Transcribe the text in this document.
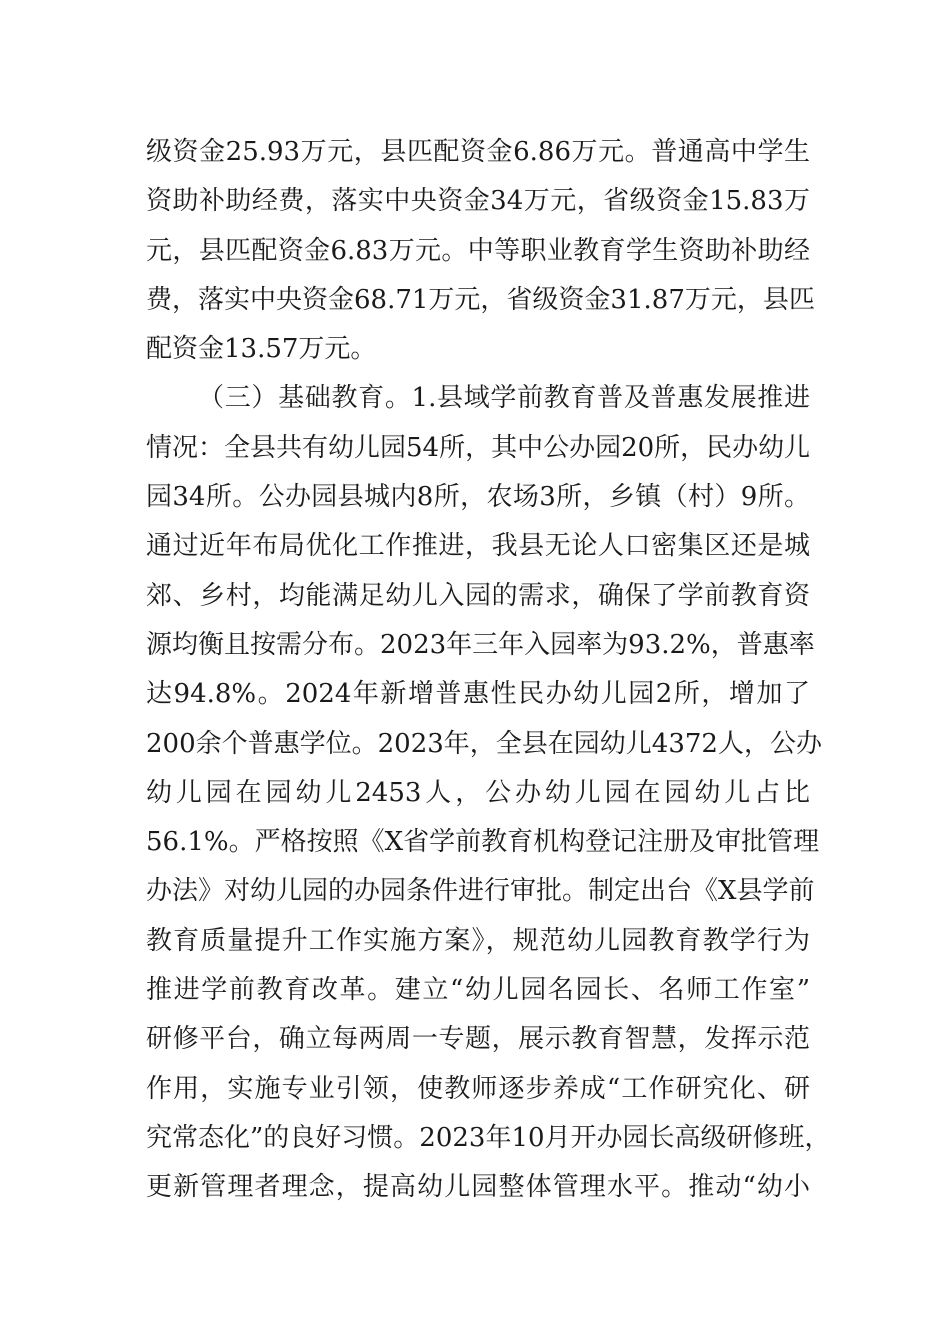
级资金25.93万元，县匹配资金6.86万元。普通高中学生
资助补助经费，落实中央资金34万元，省级资金15.83万
元，县匹配资金6.83万元。中等职业教育学生资助补助经
费，落实中央资金68.71万元，省级资金31.87万元，县匹
配资金13.57万元。
（三）基础教育。1.县域学前教育普及普惠发展推进
情况：全县共有幼儿园54所，其中公办园20所，民办幼儿
园34所。公办园县城内8所，农场3所，乡镇（村）9所。
通过近年布局优化工作推进，我县无论人口密集区还是城
郊、乡村，均能满足幼儿入园的需求，确保了学前教育资
源均衡且按需分布。2023年三年入园率为93.2%，普惠率
达94.8%。2024年新增普惠性民办幼儿园2所，增加了
200余个普惠学位。2023年，全县在园幼儿4372人，公办
幼儿园在园幼儿2453人，公办幼儿园在园幼儿占比
56.1%。严格按照《X省学前教育机构登记注册及审批管理
办法》对幼儿园的办园条件进行审批。制定出台《X县学前
教育质量提升工作实施方案》，规范幼儿园教育教学行为
推进学前教育改革。建立“幼儿园名园长、名师工作室”
研修平台，确立每两周一专题，展示教育智慧，发挥示范
作用，实施专业引领，使教师逐步养成“工作研究化、研
究常态化”的良好习惯。2023年10月开办园长高级研修班，
更新管理者理念，提高幼儿园整体管理水平。推动“幼小
